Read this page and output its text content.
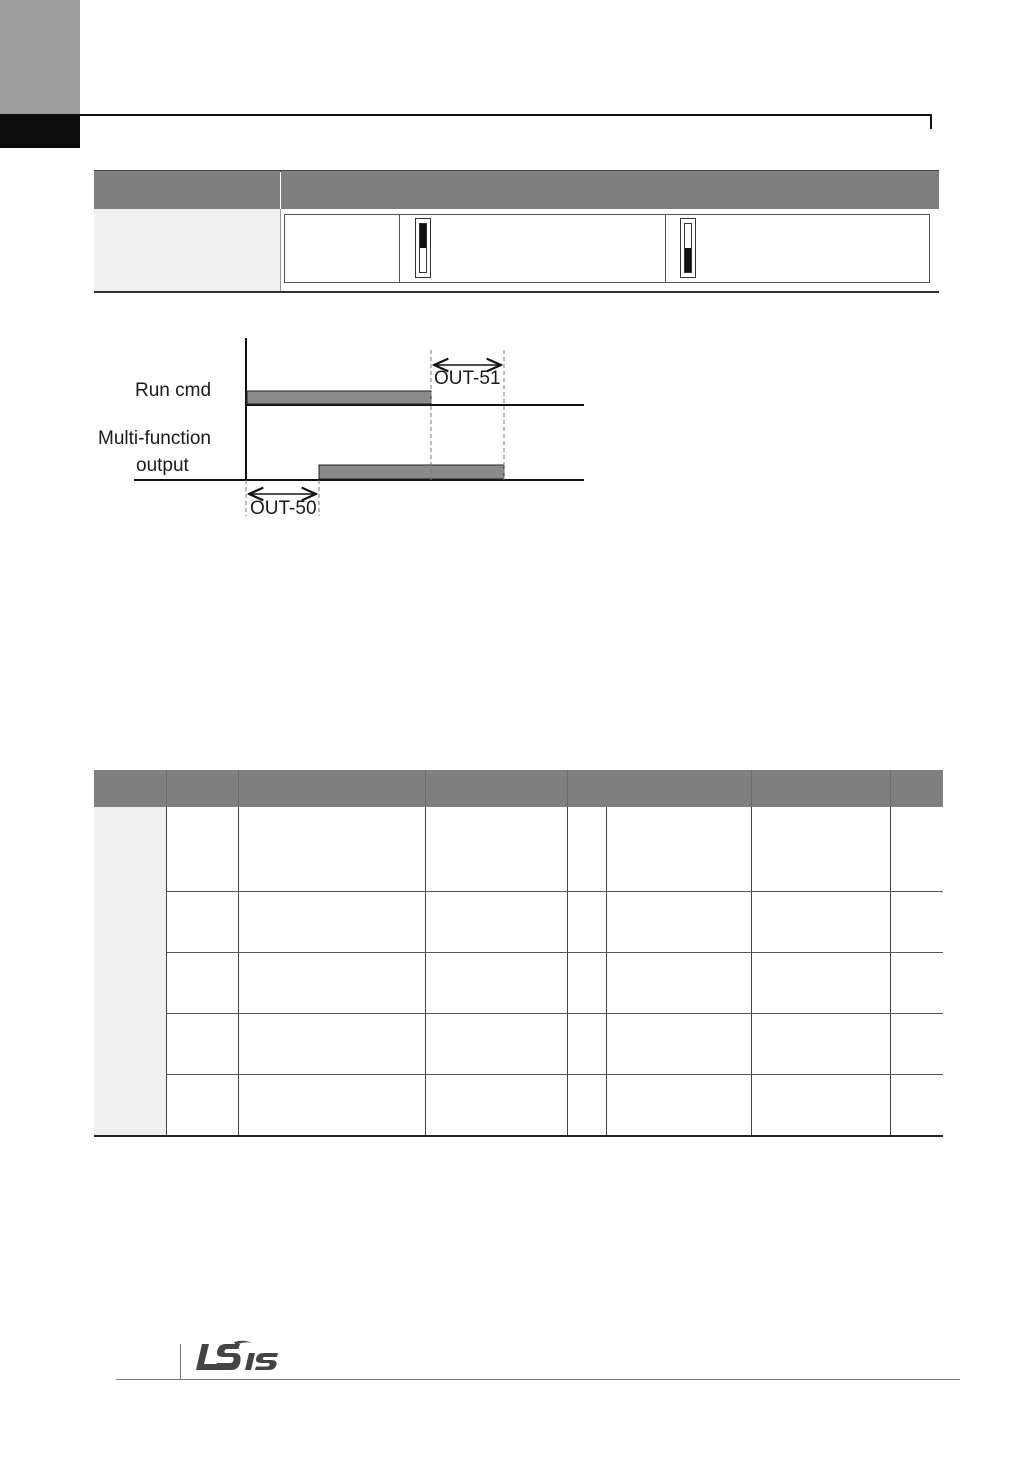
Run cmd
Multi-function
output
OUT-51
OUT-50
